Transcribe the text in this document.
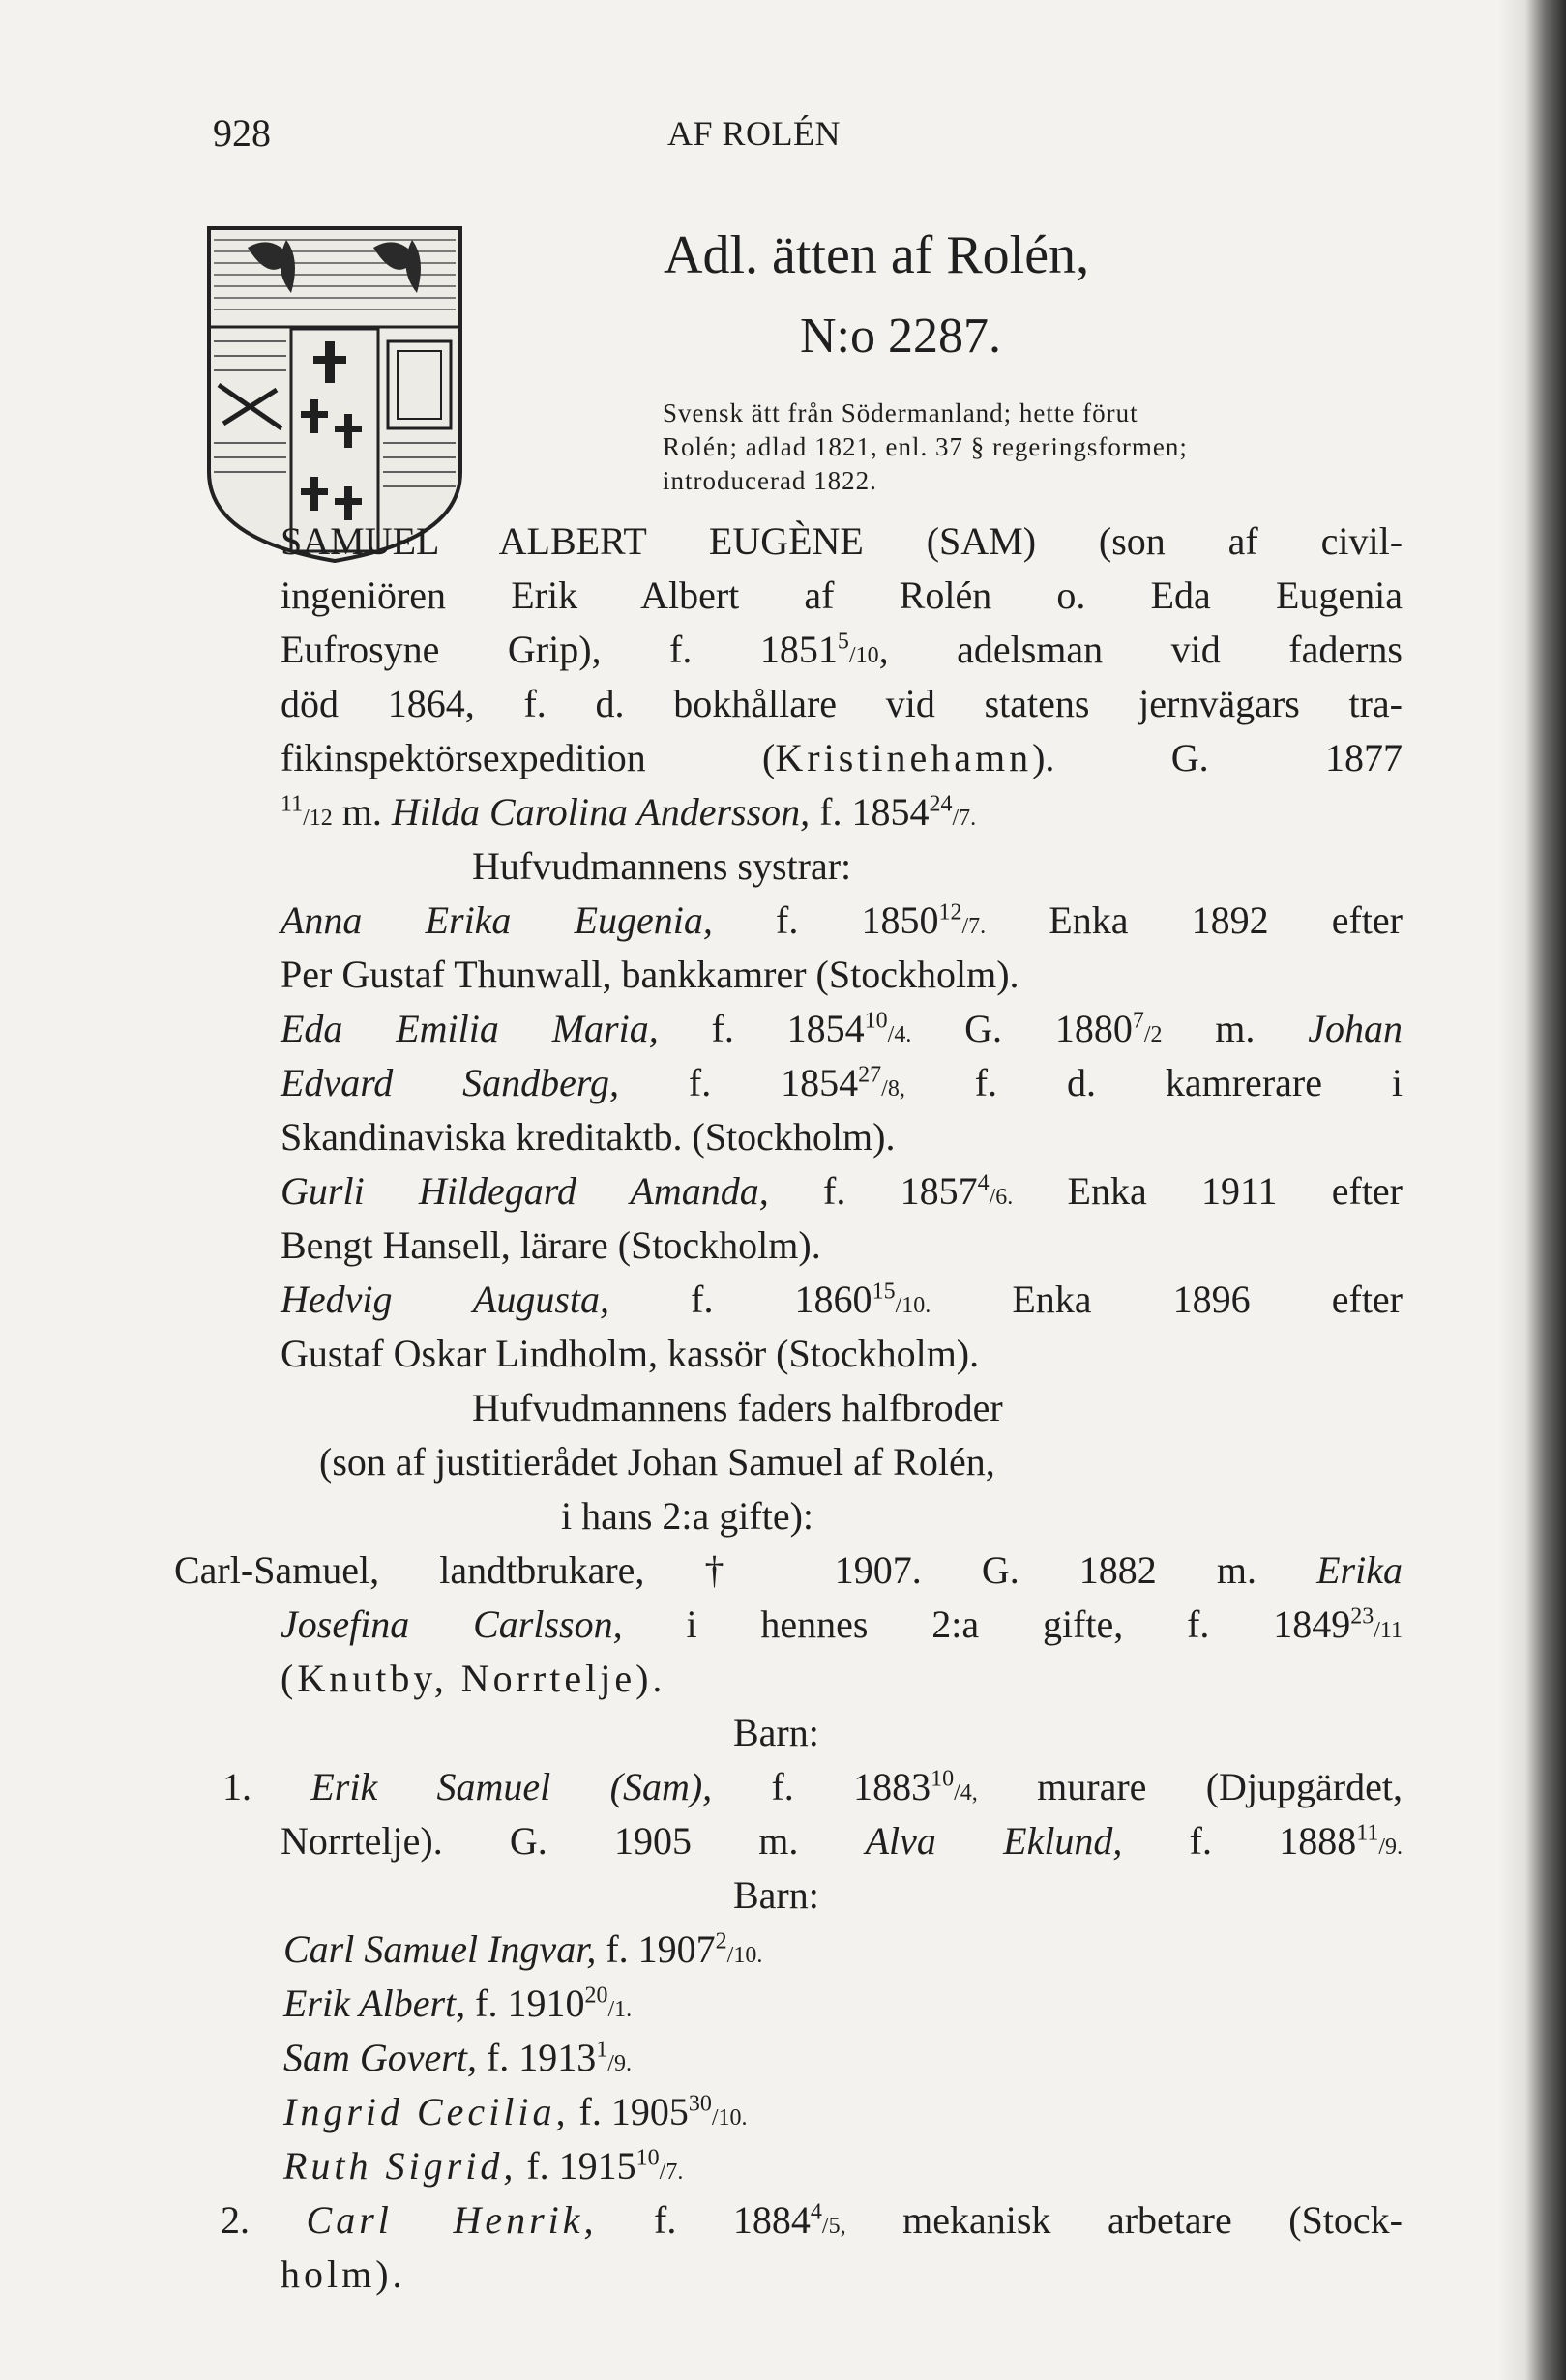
928	AF ROLÉN
Adl. ätten af Rolén,
N:o 2287.
Svensk ätt från Södermanland; hette förut
Rolén; adlad 1821, enl. 37 § regeringsformen;
introducerad 1822.
SAMUEL ALBERT EUGÈNE (SAM) (son af civil-
ingeniören Erik Albert af Rolén o. Eda Eugenia
Eufrosyne Grip), f. 1851$^5$/10, adelsman vid faderns
död 1864, f. d. bokhållare vid statens jernvägars tra-
fikinspektörsexpedition (Kristinehamn). G. 1877
$^{11}$/12 m. Hilda Carolina Andersson, f. 1854$^{24}$/7.
Hufvudmannens systrar:
Anna Erika Eugenia, f. 1850$^{12}$/7. Enka 1892 efter
Per Gustaf Thunwall, bankkamrer (Stockholm).
Eda Emilia Maria, f. 1854$^{10}$/4. G. 1880$^7$/2 m. Johan
Edvard Sandberg, f. 1854$^{27}$/8, f. d. kamrerare i
Skandinaviska kreditaktb. (Stockholm).
Gurli Hildegard Amanda, f. 1857$^4$/6. Enka 1911 efter
Bengt Hansell, lärare (Stockholm).
Hedvig Augusta, f. 1860$^{15}$/10. Enka 1896 efter
Gustaf Oskar Lindholm, kassör (Stockholm).
Hufvudmannens faders halfbroder
(son af justitierådet Johan Samuel af Rolén,
i hans 2:a gifte):
Carl-Samuel, landtbrukare, † 1907. G. 1882 m. Erika
Josefina Carlsson, i hennes 2:a gifte, f. 1849$^{23}$/11
(Knutby, Norrtelje).
Barn:
1. Erik Samuel (Sam), f. 1883$^{10}$/4, murare (Djupgärdet,
Norrtelje). G. 1905 m. Alva Eklund, f. 1888$^{11}$/9.
Barn:
Carl Samuel Ingvar, f. 1907$^2$/10.
Erik Albert, f. 1910$^{20}$/1.
Sam Govert, f. 1913$^1$/9.
Ingrid Cecilia, f. 1905$^{30}$/10.
Ruth Sigrid, f. 1915$^{10}$/7.
2. Carl Henrik, f. 1884$^4$/5, mekanisk arbetare (Stock-
holm).
